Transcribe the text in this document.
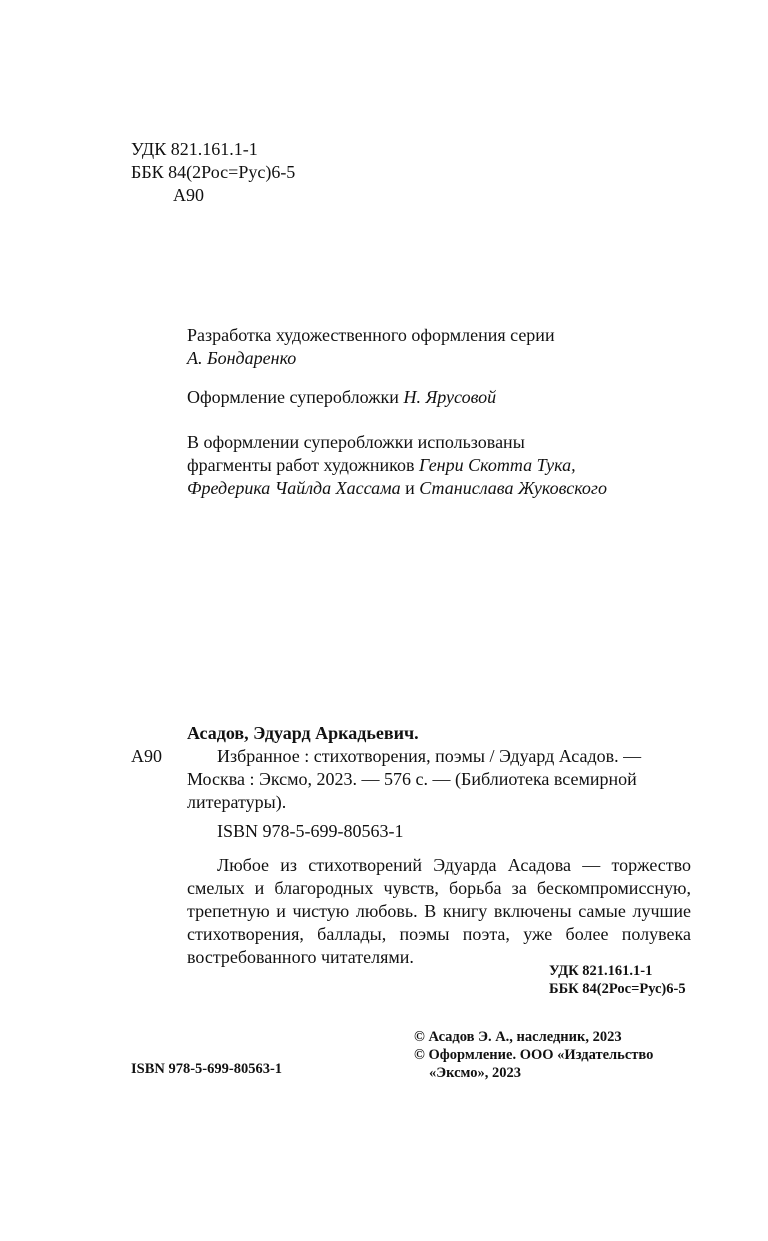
УДК 821.161.1-1
ББК 84(2Рос=Рус)6-5
А90
Разработка художественного оформления серии
А. Бондаренко
Оформление суперобложки Н. Ярусовой
В оформлении суперобложки использованы
фрагменты работ художников Генри Скотта Тука,
Фредерика Чайлда Хассама и Станислава Жуковского
Асадов, Эдуард Аркадьевич.
А90	Избранное : стихотворения, поэмы / Эдуард Асадов. —
Москва : Эксмо, 2023. — 576 с. — (Библиотека всемирной
литературы).
ISBN 978-5-699-80563-1
Любое из стихотворений Эдуарда Асадова — торжество смелых и благородных чувств, борьба за бескомпромиссную, трепетную и чистую любовь. В книгу включены самые лучшие стихотворения, баллады, поэмы поэта, уже более полувека востребованного читателями.
УДК 821.161.1-1
ББК 84(2Рос=Рус)6-5
ISBN 978-5-699-80563-1
© Асадов Э. А., наследник, 2023
© Оформление. ООО «Издательство
«Эксмо», 2023
